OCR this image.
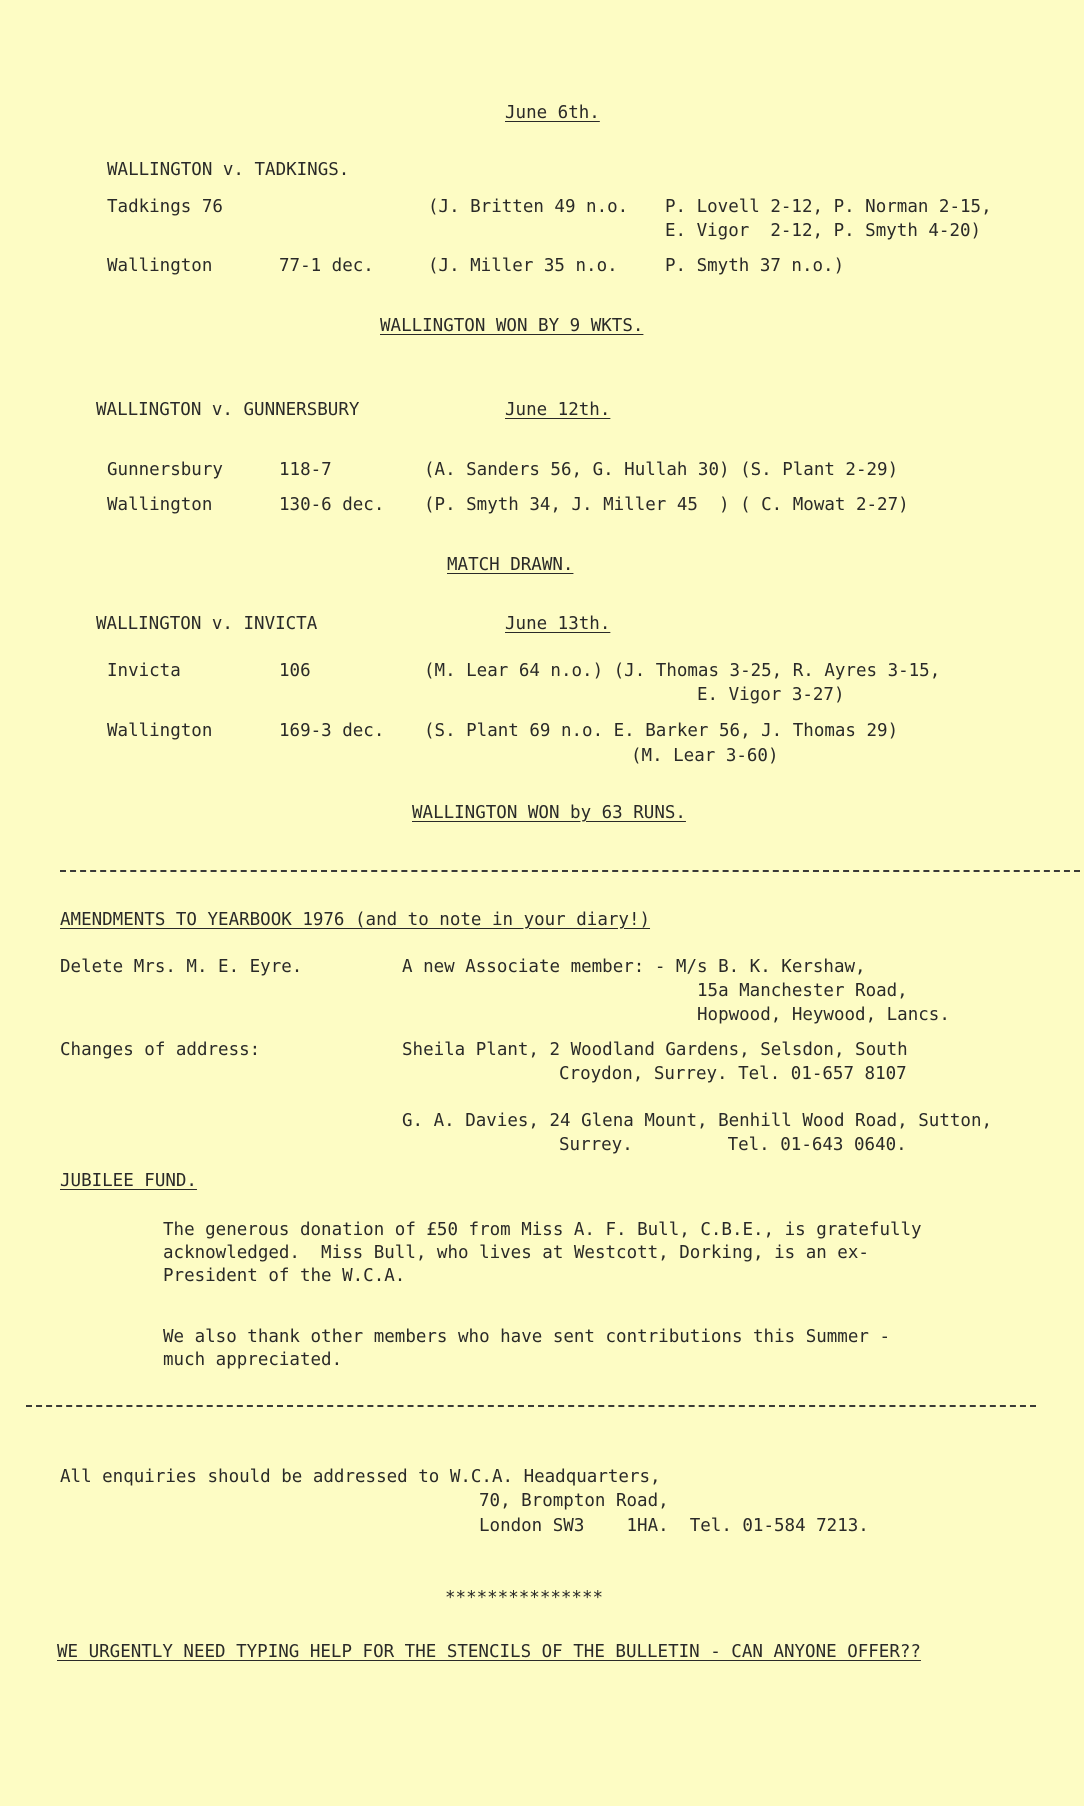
June 6th.
WALLINGTON v. TADKINGS.
Tadkings 76	(J. Britten 49 n.o. P. Lovell 2-12, P. Norman 2-15,
E. Vigor  2-12, P. Smyth 4-20)
Wallington	77-1 dec.	(J. Miller 35 n.o.	P. Smyth 37 n.o.)
WALLINGTON WON BY 9 WKTS.
WALLINGTON v. GUNNERSBURY	June 12th.
Gunnersbury	118-7	(A. Sanders 56, G. Hullah 30) (S. Plant 2-29)
Wallington	130-6 dec. (P. Smyth 34, J. Miller 45  ) ( C. Mowat 2-27)
MATCH DRAWN.
WALLINGTON v. INVICTA	June 13th.
Invicta	106	(M. Lear 64 n.o.) (J. Thomas 3-25, R. Ayres 3-15,
E. Vigor 3-27)
Wallington	169-3 dec. (S. Plant 69 n.o. E. Barker 56, J. Thomas 29)
(M. Lear 3-60)
WALLINGTON WON by 63 RUNS.
AMENDMENTS TO YEARBOOK 1976 (and to note in your diary!)
Delete Mrs. M. E. Eyre.	A new Associate member: - M/s B. K. Kershaw,
15a Manchester Road,
Hopwood, Heywood, Lancs.
Changes of address:	Sheila Plant, 2 Woodland Gardens, Selsdon, South
Croydon, Surrey. Tel. 01-657 8107
G. A. Davies, 24 Glena Mount, Benhill Wood Road, Sutton,
Surrey.         Tel. 01-643 0640.
JUBILEE FUND.
The generous donation of £50 from Miss A. F. Bull, C.B.E., is gratefully
acknowledged.  Miss Bull, who lives at Westcott, Dorking, is an ex-
President of the W.C.A.
We also thank other members who have sent contributions this Summer -
much appreciated.
All enquiries should be addressed to W.C.A. Headquarters,
70, Brompton Road,
London SW3    1HA.  Tel. 01-584 7213.
***************
WE URGENTLY NEED TYPING HELP FOR THE STENCILS OF THE BULLETIN - CAN ANYONE OFFER??
